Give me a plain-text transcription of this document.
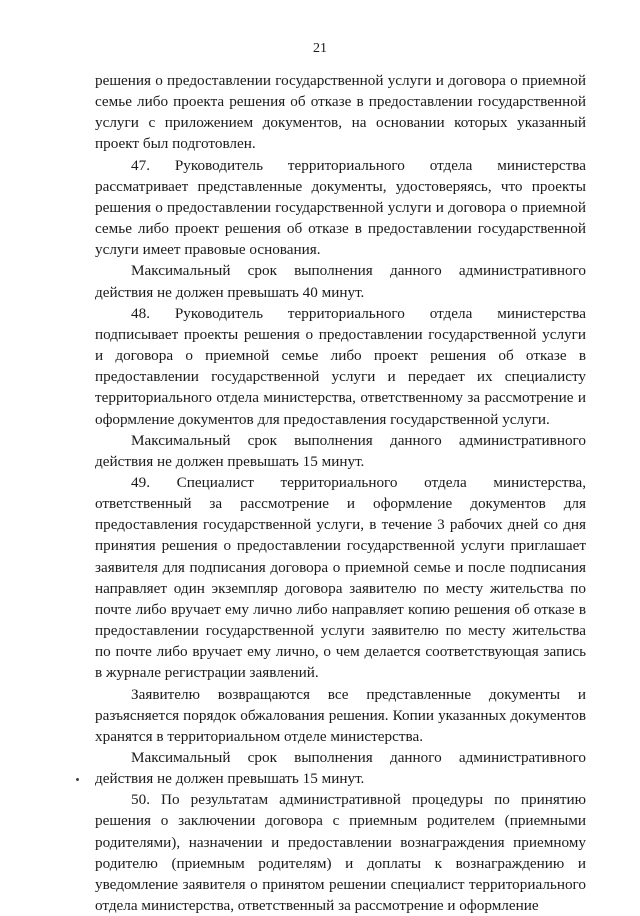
21

решения о предоставлении государственной услуги и договора о приемной семье либо проекта решения об отказе в предоставлении государственной услуги с приложением документов, на основании которых указанный проект был подготовлен.

47. Руководитель территориального отдела министерства рассматривает представленные документы, удостоверяясь, что проекты решения о предоставлении государственной услуги и договора о приемной семье либо проект решения об отказе в предоставлении государственной услуги имеет правовые основания.

Максимальный срок выполнения данного административного действия не должен превышать 40 минут.

48. Руководитель территориального отдела министерства подписывает проекты решения о предоставлении государственной услуги и договора о приемной семье либо проект решения об отказе в предоставлении государственной услуги и передает их специалисту территориального отдела министерства, ответственному за рассмотрение и оформление документов для предоставления государственной услуги.

Максимальный срок выполнения данного административного действия не должен превышать 15 минут.

49. Специалист территориального отдела министерства, ответственный за рассмотрение и оформление документов для предоставления государственной услуги, в течение 3 рабочих дней со дня принятия решения о предоставлении государственной услуги приглашает заявителя для подписания договора о приемной семье и после подписания направляет один экземпляр договора заявителю по месту жительства по почте либо вручает ему лично либо направляет копию решения об отказе в предоставлении государственной услуги заявителю по месту жительства по почте либо вручает ему лично, о чем делается соответствующая запись в журнале регистрации заявлений.

Заявителю возвращаются все представленные документы и разъясняется порядок обжалования решения. Копии указанных документов хранятся в территориальном отделе министерства.

Максимальный срок выполнения данного административного действия не должен превышать 15 минут.

50. По результатам административной процедуры по принятию решения о заключении договора с приемным родителем (приемными родителями), назначении и предоставлении вознаграждения приемному родителю (приемным родителям) и доплаты к вознаграждению и уведомление заявителя о принятом решении специалист территориального отдела министерства, ответственный за рассмотрение и оформление
